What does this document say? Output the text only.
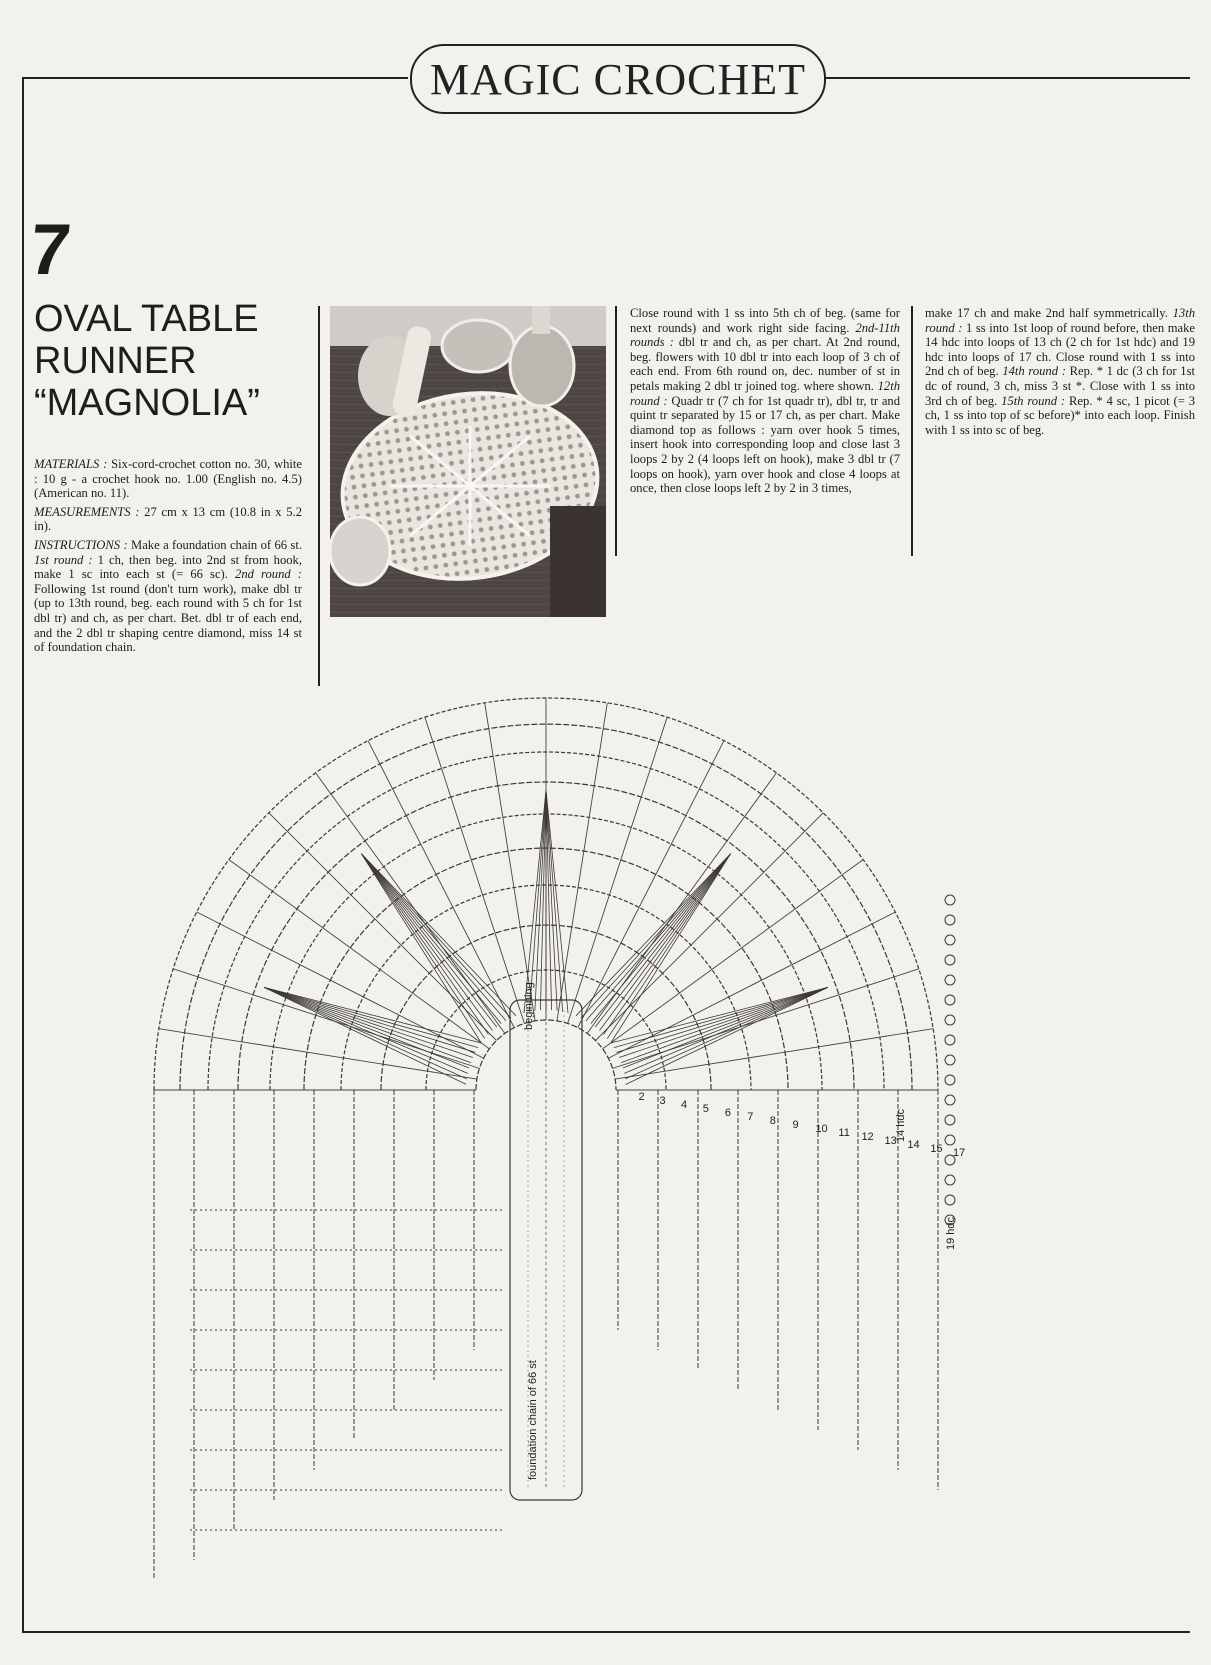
MAGIC CROCHET
7
OVAL TABLE
RUNNER
“MAGNOLIA”

MATERIALS : Six-cord-crochet cotton no. 30, white : 10 g - a crochet hook no. 1.00 (English no. 4.5) (American no. 11).

MEASUREMENTS : 27 cm x 13 cm (10.8 in x 5.2 in).

INSTRUCTIONS : Make a foundation chain of 66 st. 1st round : 1 ch, then beg. into 2nd st from hook, make 1 sc into each st (= 66 sc). 2nd round : Following 1st round (don't turn work), make dbl tr (up to 13th round, beg. each round with 5 ch for 1st dbl tr) and ch, as per chart. Bet. dbl tr of each end, and the 2 dbl tr shaping centre diamond, miss 14 st of foundation chain.

Close round with 1 ss into 5th ch of beg. (same for next rounds) and work right side facing. 2nd-11th rounds : dbl tr and ch, as per chart. At 2nd round, beg. flowers with 10 dbl tr into each loop of 3 ch of each end. From 6th round on, dec. number of st in petals making 2 dbl tr joined tog. where shown. 12th round : Quadr tr (7 ch for 1st quadr tr), dbl tr, tr and quint tr separated by 15 or 17 ch, as per chart. Make diamond top as follows : yarn over hook 5 times, insert hook into corresponding loop and close last 3 loops 2 by 2 (4 loops left on hook), make 3 dbl tr (7 loops on hook), yarn over hook and close 4 loops at once, then close loops left 2 by 2 in 3 times,

make 17 ch and make 2nd half symmetrically. 13th round : 1 ss into 1st loop of round before, then make 14 hdc into loops of 13 ch (2 ch for 1st hdc) and 19 hdc into loops of 17 ch. Close round with 1 ss into 2nd ch of beg. 14th round : Rep. * 1 dc (3 ch for 1st dc of round, 3 ch, miss 3 st *. Close with 1 ss into 3rd ch of beg. 15th round : Rep. * 4 sc, 1 picot (= 3 ch, 1 ss into top of sc before)* into each loop. Finish with 1 ss into sc of beg.

beginning
foundation chain of 66 st
14 hdc
19 hdc
2 3 4 5 6 7 8 9 10 11 12 13 14 15 17
